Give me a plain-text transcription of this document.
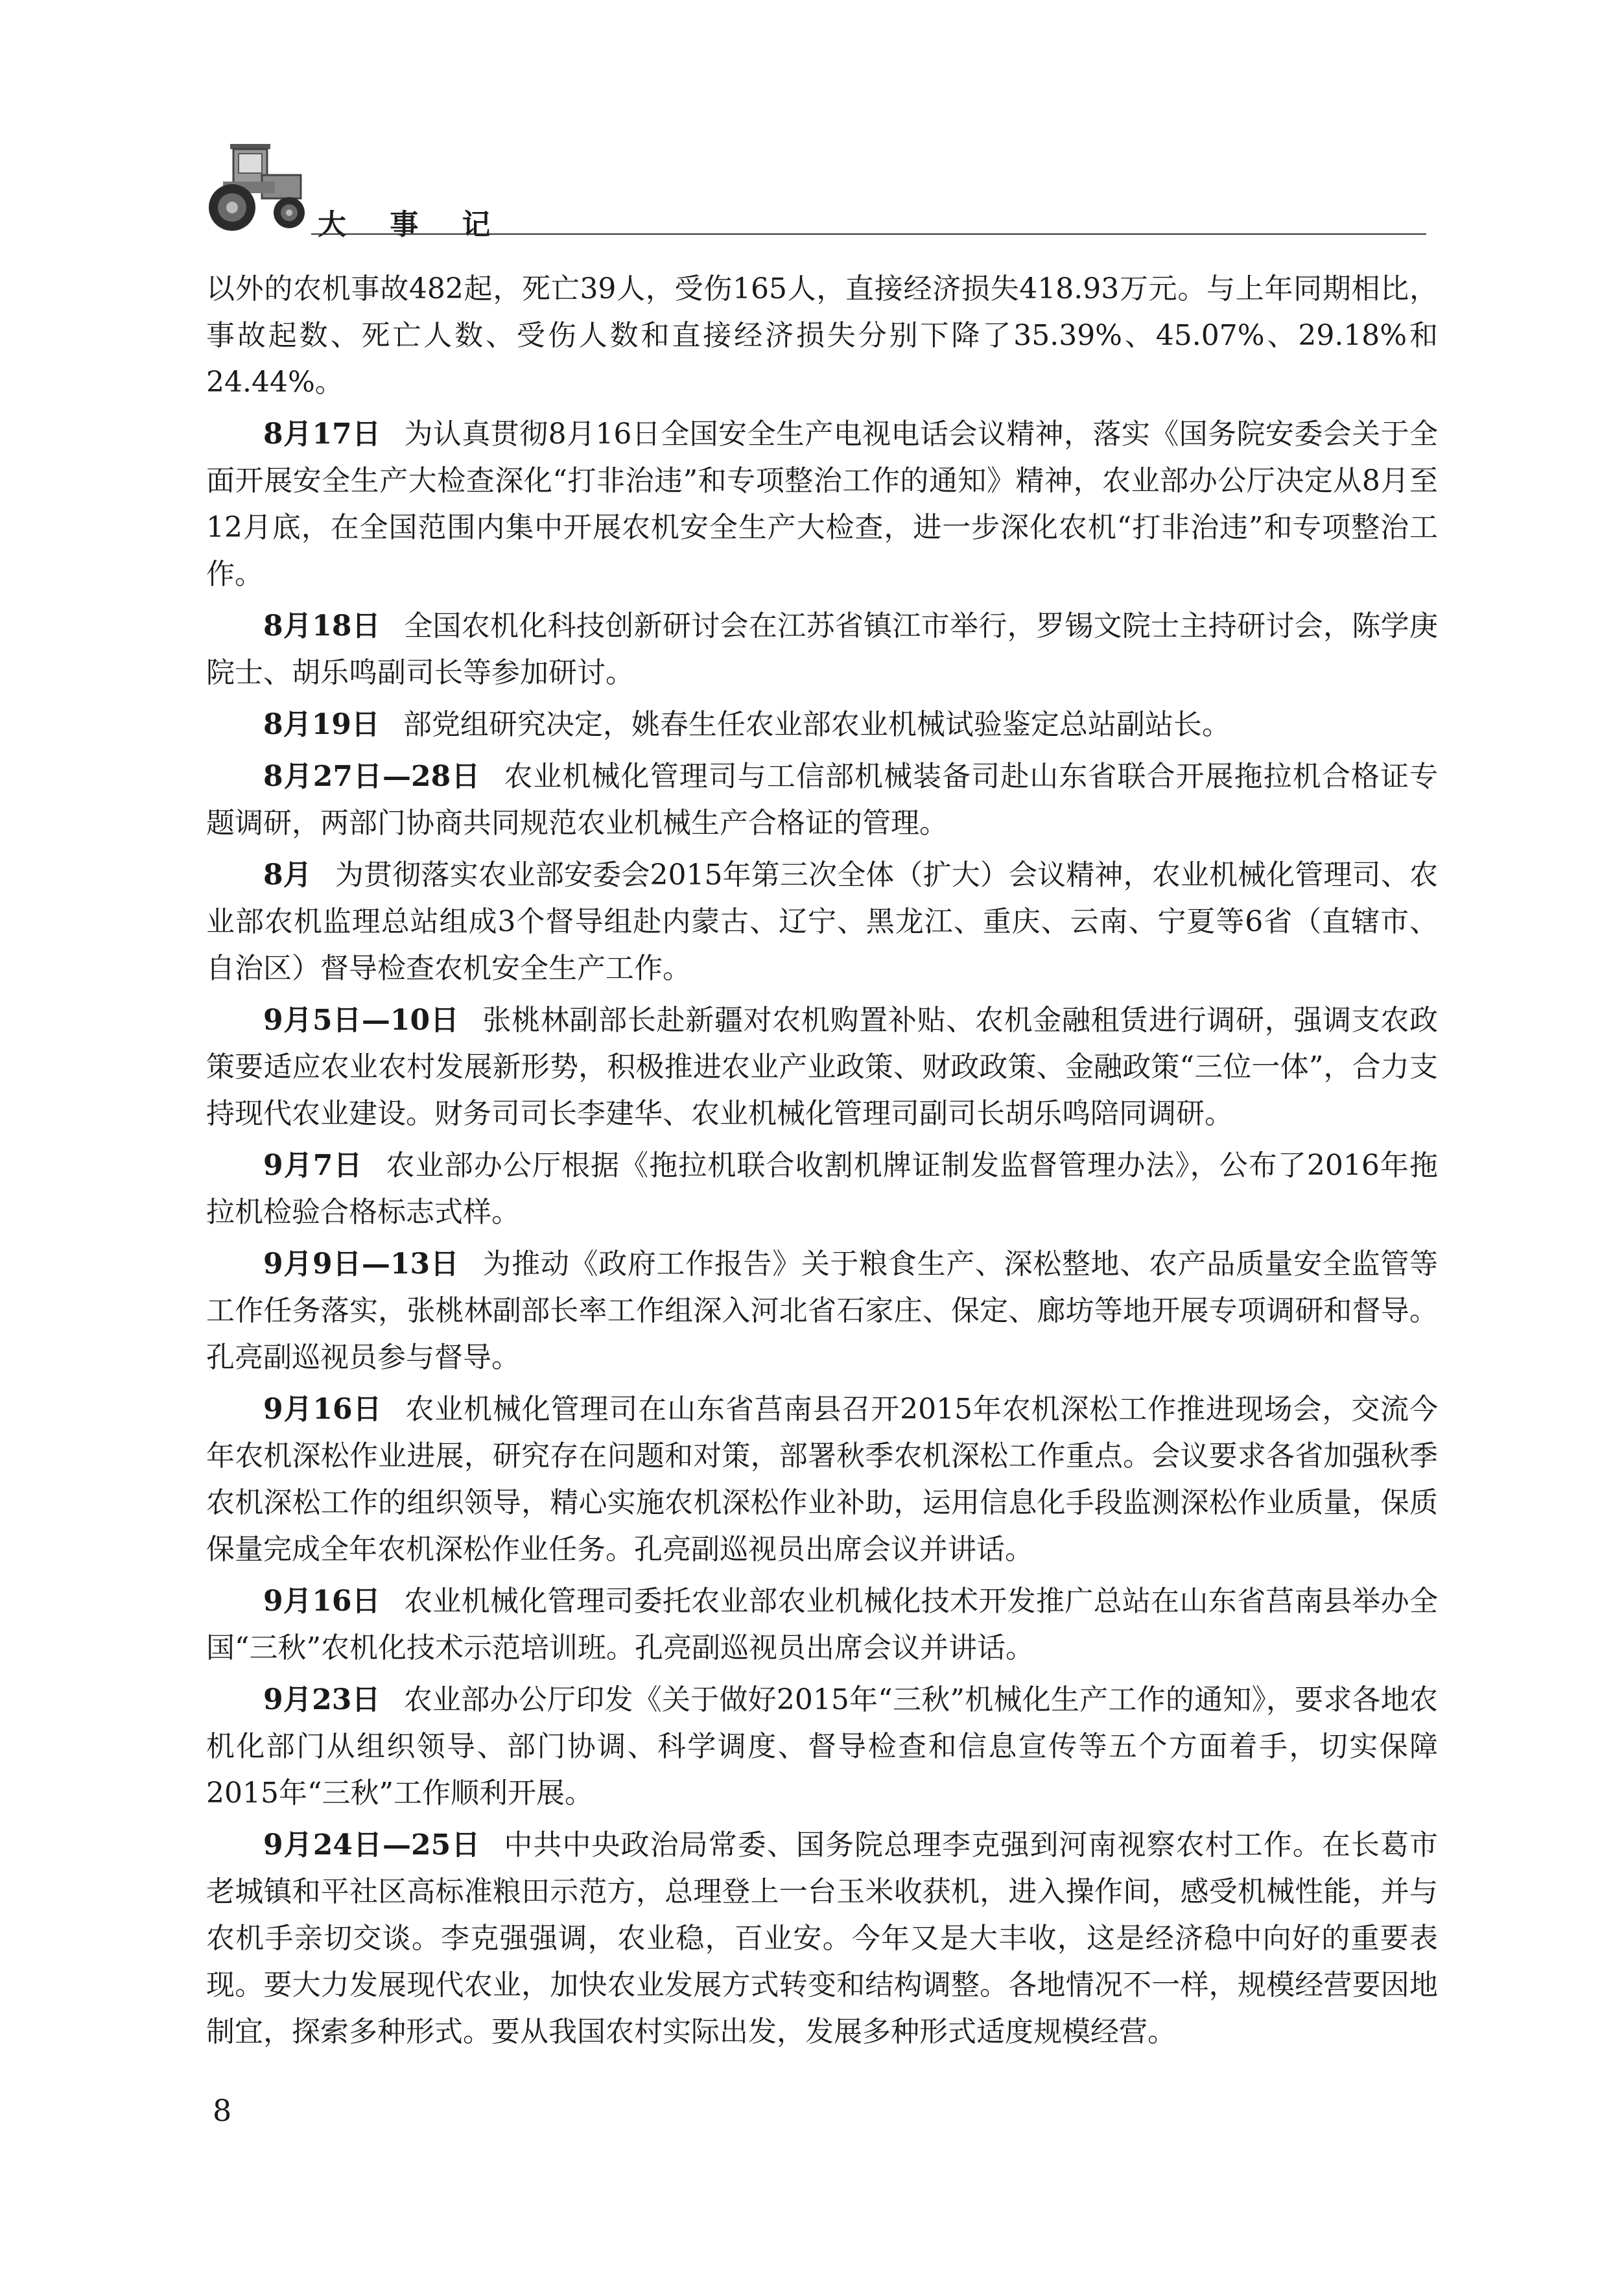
大 事 记

以外的农机事故482起，死亡39人，受伤165人，直接经济损失418.93万元。与上年同期相比，事故起数、死亡人数、受伤人数和直接经济损失分别下降了35.39%、45.07%、29.18%和24.44%。

8月17日 为认真贯彻8月16日全国安全生产电视电话会议精神，落实《国务院安委会关于全面开展安全生产大检查深化“打非治违”和专项整治工作的通知》精神，农业部办公厅决定从8月至12月底，在全国范围内集中开展农机安全生产大检查，进一步深化农机“打非治违”和专项整治工作。

8月18日 全国农机化科技创新研讨会在江苏省镇江市举行，罗锡文院士主持研讨会，陈学庚院士、胡乐鸣副司长等参加研讨。

8月19日 部党组研究决定，姚春生任农业部农业机械试验鉴定总站副站长。

8月27日—28日 农业机械化管理司与工信部机械装备司赴山东省联合开展拖拉机合格证专题调研，两部门协商共同规范农业机械生产合格证的管理。

8月 为贯彻落实农业部安委会2015年第三次全体（扩大）会议精神，农业机械化管理司、农业部农机监理总站组成3个督导组赴内蒙古、辽宁、黑龙江、重庆、云南、宁夏等6省（直辖市、自治区）督导检查农机安全生产工作。

9月5日—10日 张桃林副部长赴新疆对农机购置补贴、农机金融租赁进行调研，强调支农政策要适应农业农村发展新形势，积极推进农业产业政策、财政政策、金融政策“三位一体”，合力支持现代农业建设。财务司司长李建华、农业机械化管理司副司长胡乐鸣陪同调研。

9月7日 农业部办公厅根据《拖拉机联合收割机牌证制发监督管理办法》，公布了2016年拖拉机检验合格标志式样。

9月9日—13日 为推动《政府工作报告》关于粮食生产、深松整地、农产品质量安全监管等工作任务落实，张桃林副部长率工作组深入河北省石家庄、保定、廊坊等地开展专项调研和督导。孔亮副巡视员参与督导。

9月16日 农业机械化管理司在山东省莒南县召开2015年农机深松工作推进现场会，交流今年农机深松作业进展，研究存在问题和对策，部署秋季农机深松工作重点。会议要求各省加强秋季农机深松工作的组织领导，精心实施农机深松作业补助，运用信息化手段监测深松作业质量，保质保量完成全年农机深松作业任务。孔亮副巡视员出席会议并讲话。

9月16日 农业机械化管理司委托农业部农业机械化技术开发推广总站在山东省莒南县举办全国“三秋”农机化技术示范培训班。孔亮副巡视员出席会议并讲话。

9月23日 农业部办公厅印发《关于做好2015年“三秋”机械化生产工作的通知》，要求各地农机化部门从组织领导、部门协调、科学调度、督导检查和信息宣传等五个方面着手，切实保障2015年“三秋”工作顺利开展。

9月24日—25日 中共中央政治局常委、国务院总理李克强到河南视察农村工作。在长葛市老城镇和平社区高标准粮田示范方，总理登上一台玉米收获机，进入操作间，感受机械性能，并与农机手亲切交谈。李克强强调，农业稳，百业安。今年又是大丰收，这是经济稳中向好的重要表现。要大力发展现代农业，加快农业发展方式转变和结构调整。各地情况不一样，规模经营要因地制宜，探索多种形式。要从我国农村实际出发，发展多种形式适度规模经营。

8
